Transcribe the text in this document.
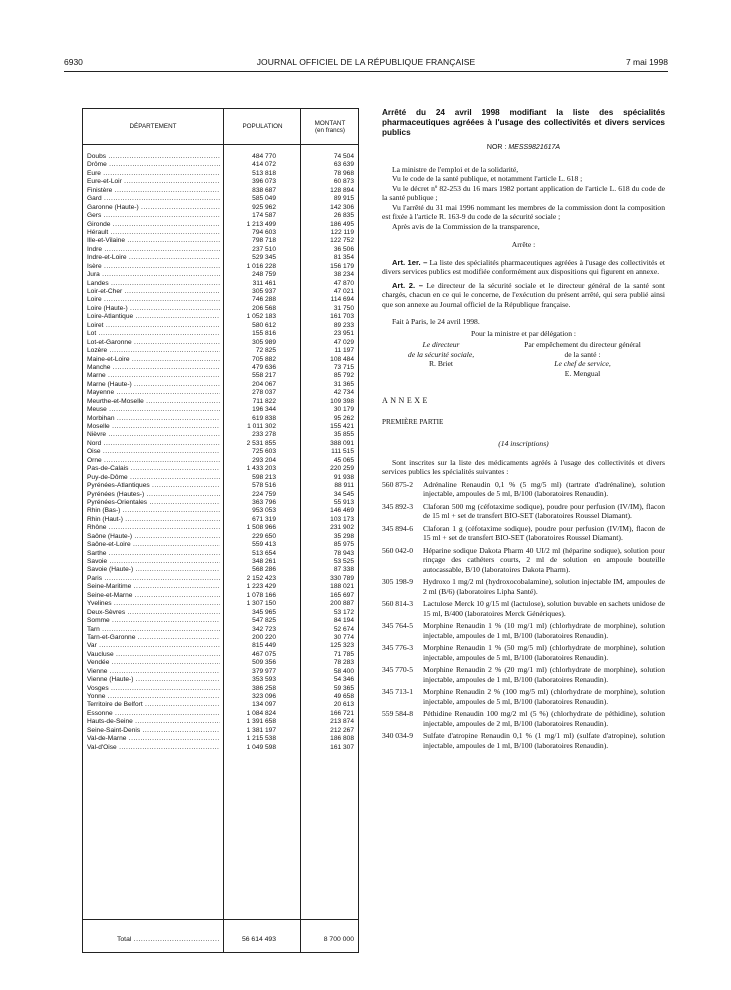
6930	JOURNAL OFFICIEL DE LA RÉPUBLIQUE FRANÇAISE	7 mai 1998
DÉPARTEMENT	POPULATION	MONTANT
(en francs)
Doubs .....	484 770	74 504
Drôme .....	414 072	63 639
Eure .....	513 818	78 968
Eure-et-Loir .....	396 073	60 873
Finistère .....	838 687	128 894
Gard .....	585 049	89 915
Garonne (Haute-) .....	925 962	142 306
Gers .....	174 587	26 835
Gironde .....	1 213 499	186 495
Hérault .....	794 603	122 119
Ille-et-Vilaine .....	798 718	122 752
Indre .....	237 510	36 506
Indre-et-Loire .....	529 345	81 354
Isère .....	1 016 228	156 179
Jura .....	248 759	38 234
Landes .....	311 461	47 870
Loir-et-Cher .....	305 937	47 021
Loire .....	746 288	114 694
Loire (Haute-) .....	206 568	31 750
Loire-Atlantique .....	1 052 183	161 703
Loiret .....	580 612	89 233
Lot .....	155 816	23 951
Lot-et-Garonne .....	305 989	47 029
Lozère .....	72 825	11 197
Maine-et-Loire .....	705 882	108 484
Manche .....	479 636	73 715
Marne .....	558 217	85 792
Marne (Haute-) .....	204 067	31 365
Mayenne .....	278 037	42 734
Meurthe-et-Moselle .....	711 822	109 398
Meuse .....	196 344	30 179
Morbihan .....	619 838	95 262
Moselle .....	1 011 302	155 421
Nièvre .....	233 278	35 855
Nord .....	2 531 855	388 091
Oise .....	725 603	111 515
Orne .....	293 204	45 065
Pas-de-Calais .....	1 433 203	220 259
Puy-de-Dôme .....	598 213	91 938
Pyrénées-Atlantiques .....	578 516	88 911
Pyrénées (Hautes-) .....	224 759	34 545
Pyrénées-Orientales .....	363 796	55 913
Rhin (Bas-) .....	953 053	146 469
Rhin (Haut-) .....	671 319	103 173
Rhône .....	1 508 966	231 902
Saône (Haute-) .....	229 650	35 298
Saône-et-Loire .....	559 413	85 975
Sarthe .....	513 654	78 943
Savoie .....	348 261	53 525
Savoie (Haute-) .....	568 286	87 338
Paris .....	2 152 423	330 789
Seine-Maritime .....	1 223 429	188 021
Seine-et-Marne .....	1 078 166	165 697
Yvelines .....	1 307 150	200 887
Deux-Sèvres .....	345 965	53 172
Somme .....	547 825	84 194
Tarn .....	342 723	52 674
Tarn-et-Garonne .....	200 220	30 774
Var .....	815 449	125 323
Vaucluse .....	467 075	71 785
Vendée .....	509 356	78 283
Vienne .....	379 977	58 400
Vienne (Haute-) .....	353 593	54 346
Vosges .....	386 258	59 365
Yonne .....	323 096	49 658
Territoire de Belfort .....	134 097	20 613
Essonne .....	1 084 824	166 721
Hauts-de-Seine .....	1 391 658	213 874
Seine-Saint-Denis .....	1 381 197	212 267
Val-de-Marne .....	1 215 538	186 808
Val-d'Oise .....	1 049 598	161 307
Total .....	56 614 493	8 700 000

Arrêté du 24 avril 1998 modifiant la liste des spécialités pharmaceutiques agréées à l'usage des collectivités et divers services publics

NOR : MESS9821617A

La ministre de l'emploi et de la solidarité,

Vu le code de la santé publique, et notamment l'article L. 618 ;

Vu le décret nº 82-253 du 16 mars 1982 portant application de l'article L. 618 du code de la santé publique ;

Vu l'arrêté du 31 mai 1996 nommant les membres de la commission dont la composition est fixée à l'article R. 163-9 du code de la sécurité sociale ;

Après avis de la Commission de la transparence,

Arrête :

Art. 1er. – La liste des spécialités pharmaceutiques agréées à l'usage des collectivités et divers services publics est modifiée conformément aux dispositions qui figurent en annexe.

Art. 2. – Le directeur de la sécurité sociale et le directeur général de la santé sont chargés, chacun en ce qui le concerne, de l'exécution du présent arrêté, qui sera publié ainsi que son annexe au Journal officiel de la République française.

Fait à Paris, le 24 avril 1998.

Pour la ministre et par délégation :

Le directeur
de la sécurité sociale,
R. Briet
Par empêchement du directeur général
de la santé :
Le chef de service,
E. Mengual

ANNEXE

PREMIÈRE PARTIE

(14 inscriptions)

Sont inscrites sur la liste des médicaments agréés à l'usage des collectivités et divers services publics les spécialités suivantes :

560 875-2	Adrénaline Renaudin 0,1 % (5 mg/5 ml) (tartrate d'adrénaline), solution injectable, ampoules de 5 ml, B/100 (laboratoires Renaudin).
345 892-3	Claforan 500 mg (céfotaxime sodique), poudre pour perfusion (IV/IM), flacon de 15 ml + set de transfert BIO-SET (laboratoires Roussel Diamant).
345 894-6	Claforan 1 g (céfotaxime sodique), poudre pour perfusion (IV/IM), flacon de 15 ml + set de transfert BIO-SET (laboratoires Roussel Diamant).
560 042-0	Héparine sodique Dakota Pharm 40 UI/2 ml (héparine sodique), solution pour rinçage des cathéters courts, 2 ml de solution en ampoule bouteille autocassable, B/10 (laboratoires Dakota Pharm).
305 198-9	Hydroxo 1 mg/2 ml (hydroxocobalamine), solution injectable IM, ampoules de 2 ml (B/6) (laboratoires Lipha Santé).
560 814-3	Lactulose Merck 10 g/15 ml (lactulose), solution buvable en sachets unidose de 15 ml, B/400 (laboratoires Merck Génériques).
345 764-5	Morphine Renaudin 1 % (10 mg/1 ml) (chlorhydrate de morphine), solution injectable, ampoules de 1 ml, B/100 (laboratoires Renaudin).
345 776-3	Morphine Renaudin 1 % (50 mg/5 ml) (chlorhydrate de morphine), solution injectable, ampoules de 5 ml, B/100 (laboratoires Renaudin).
345 770-5	Morphine Renaudin 2 % (20 mg/1 ml) (chlorhydrate de morphine), solution injectable, ampoules de 1 ml, B/100 (laboratoires Renaudin).
345 713-1	Morphine Renaudin 2 % (100 mg/5 ml) (chlorhydrate de morphine), solution injectable, ampoules de 5 ml, B/100 (laboratoires Renaudin).
559 584-8	Péthidine Renaudin 100 mg/2 ml (5 %) (chlorhydrate de péthidine), solution injectable, ampoules de 2 ml, B/100 (laboratoires Renaudin).
340 034-9	Sulfate d'atropine Renaudin 0,1 % (1 mg/1 ml) (sulfate d'atropine), solution injectable, ampoules de 1 ml, B/100 (laboratoires Renaudin).
